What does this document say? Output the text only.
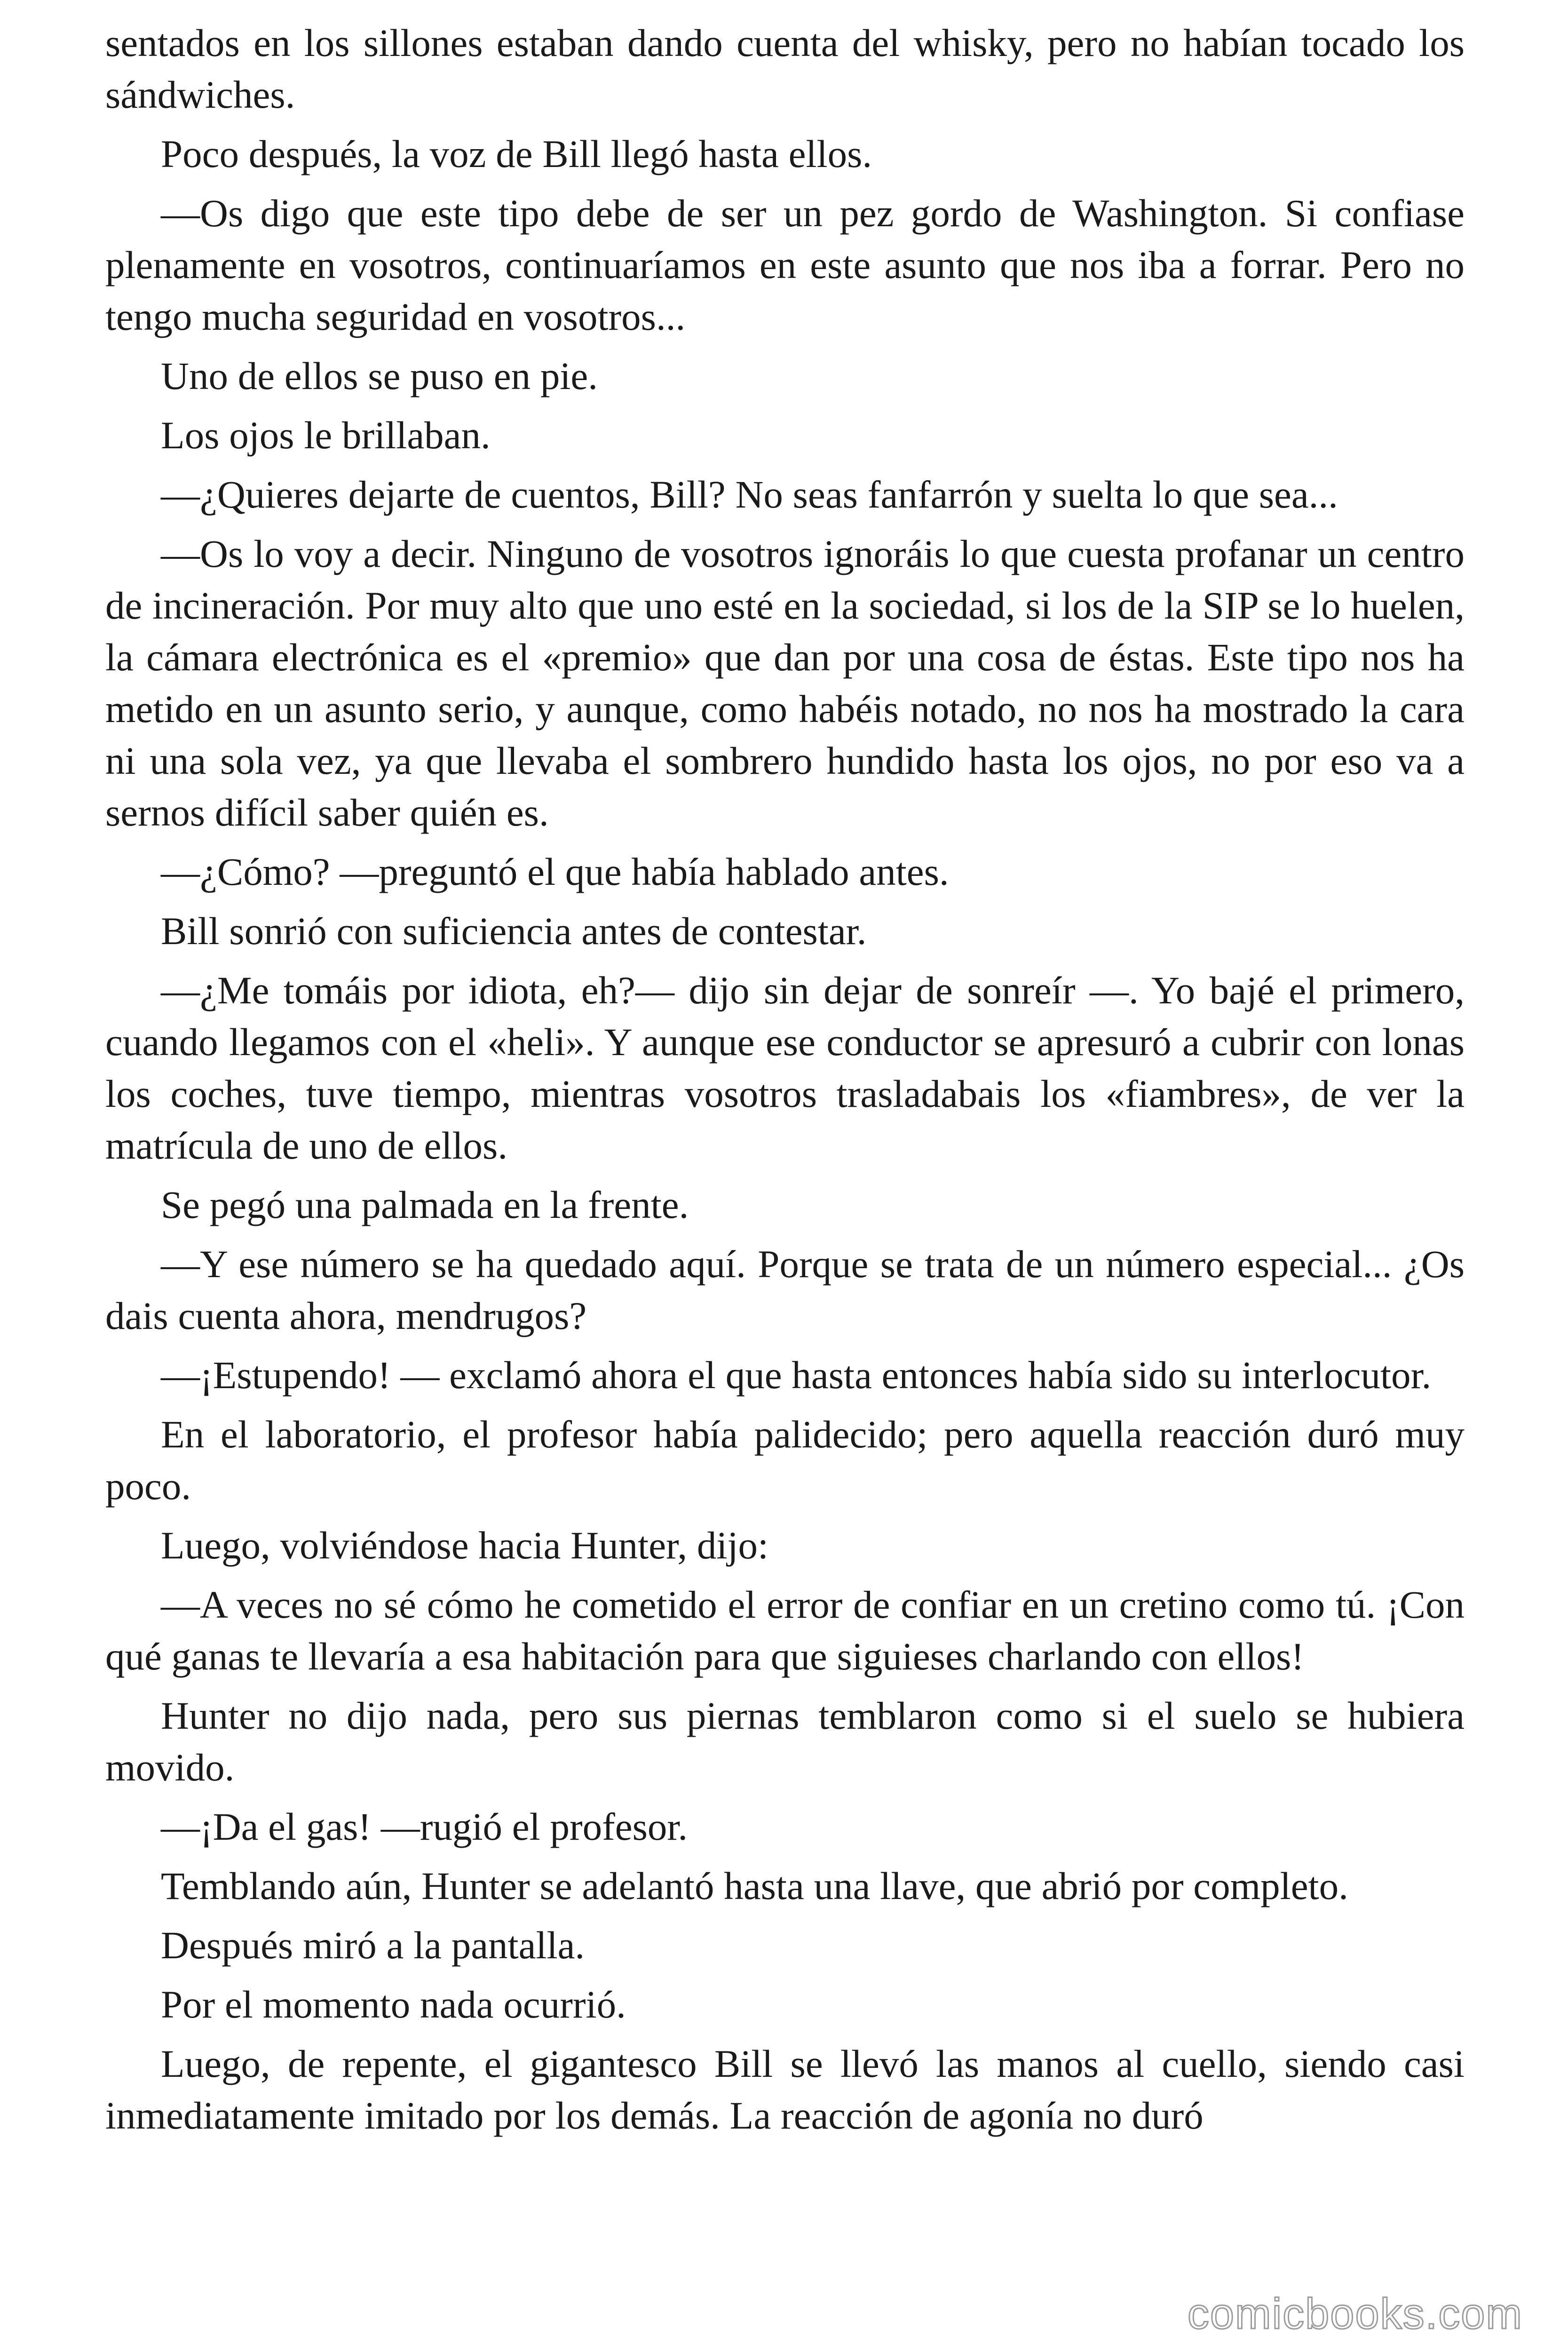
sentados en los sillones estaban dando cuenta del whisky, pero no habían tocado los sándwiches.

Poco después, la voz de Bill llegó hasta ellos.

—Os digo que este tipo debe de ser un pez gordo de Washington. Si confiase plenamente en vosotros, continuaríamos en este asunto que nos iba a forrar. Pero no tengo mucha seguridad en vosotros...

Uno de ellos se puso en pie.

Los ojos le brillaban.

—¿Quieres dejarte de cuentos, Bill? No seas fanfarrón y suelta lo que sea...

—Os lo voy a decir. Ninguno de vosotros ignoráis lo que cuesta profanar un centro de incineración. Por muy alto que uno esté en la sociedad, si los de la SIP se lo huelen, la cámara electrónica es el «premio» que dan por una cosa de éstas. Este tipo nos ha metido en un asunto serio, y aunque, como habéis notado, no nos ha mostrado la cara ni una sola vez, ya que llevaba el sombrero hundido hasta los ojos, no por eso va a sernos difícil saber quién es.

—¿Cómo? —preguntó el que había hablado antes.

Bill sonrió con suficiencia antes de contestar.

—¿Me tomáis por idiota, eh?— dijo sin dejar de sonreír —. Yo bajé el primero, cuando llegamos con el «heli». Y aunque ese conductor se apresuró a cubrir con lonas los coches, tuve tiempo, mientras vosotros trasladabais los «fiambres», de ver la matrícula de uno de ellos.

Se pegó una palmada en la frente.

—Y ese número se ha quedado aquí. Porque se trata de un número especial... ¿Os dais cuenta ahora, mendrugos?

—¡Estupendo! — exclamó ahora el que hasta entonces había sido su interlocutor.

En el laboratorio, el profesor había palidecido; pero aquella reacción duró muy poco.

Luego, volviéndose hacia Hunter, dijo:

—A veces no sé cómo he cometido el error de confiar en un cretino como tú. ¡Con qué ganas te llevaría a esa habitación para que siguieses charlando con ellos!

Hunter no dijo nada, pero sus piernas temblaron como si el suelo se hubiera movido.

—¡Da el gas! —rugió el profesor.

Temblando aún, Hunter se adelantó hasta una llave, que abrió por completo.

Después miró a la pantalla.

Por el momento nada ocurrió.

Luego, de repente, el gigantesco Bill se llevó las manos al cuello, siendo casi inmediatamente imitado por los demás. La reacción de agonía no duró

comicbooks.com
